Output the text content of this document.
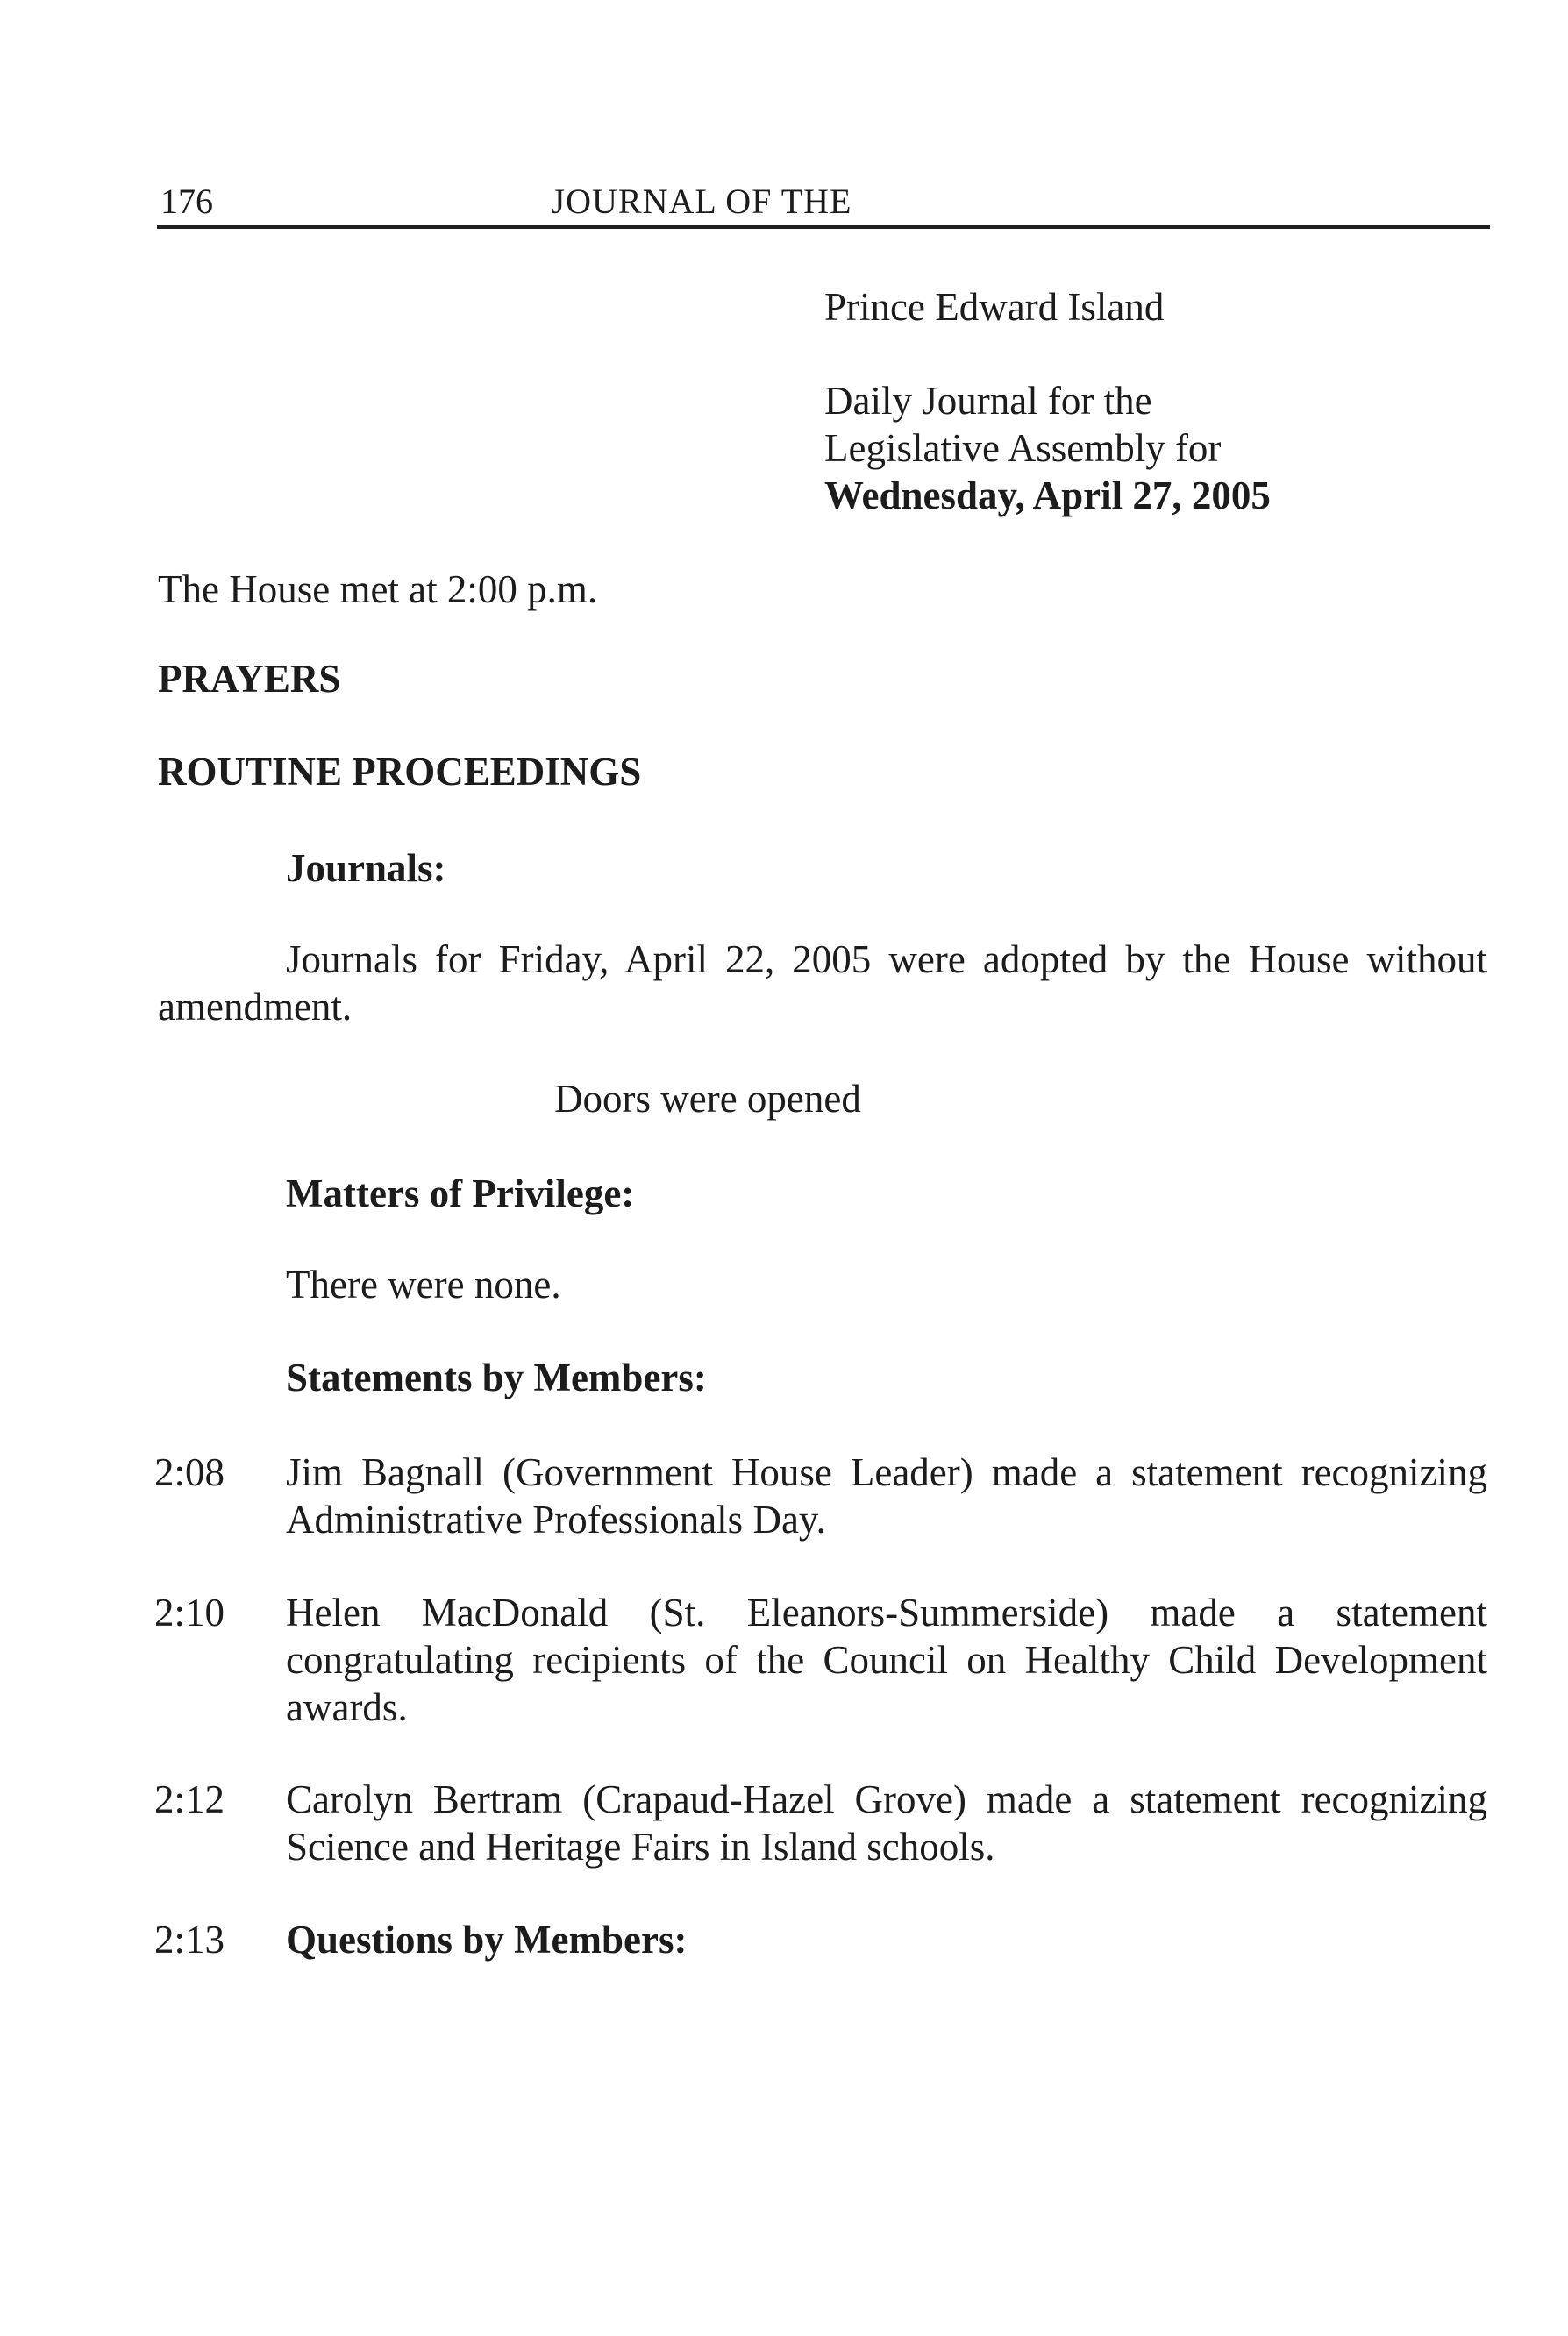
176	JOURNAL OF THE
Prince Edward Island
Daily Journal for the
Legislative Assembly for
Wednesday, April 27, 2005
The House met at 2:00 p.m.
PRAYERS
ROUTINE PROCEEDINGS
Journals:
Journals for Friday, April 22, 2005 were adopted by the House without
amendment.
Doors were opened
Matters of Privilege:
There were none.
Statements by Members:
2:08 Jim Bagnall (Government House Leader) made a statement recognizing
Administrative Professionals Day.
2:10 Helen MacDonald (St. Eleanors-Summerside) made a statement
congratulating recipients of the Council on Healthy Child Development
awards.
2:12 Carolyn Bertram (Crapaud-Hazel Grove) made a statement recognizing
Science and Heritage Fairs in Island schools.
2:13 Questions by Members:
